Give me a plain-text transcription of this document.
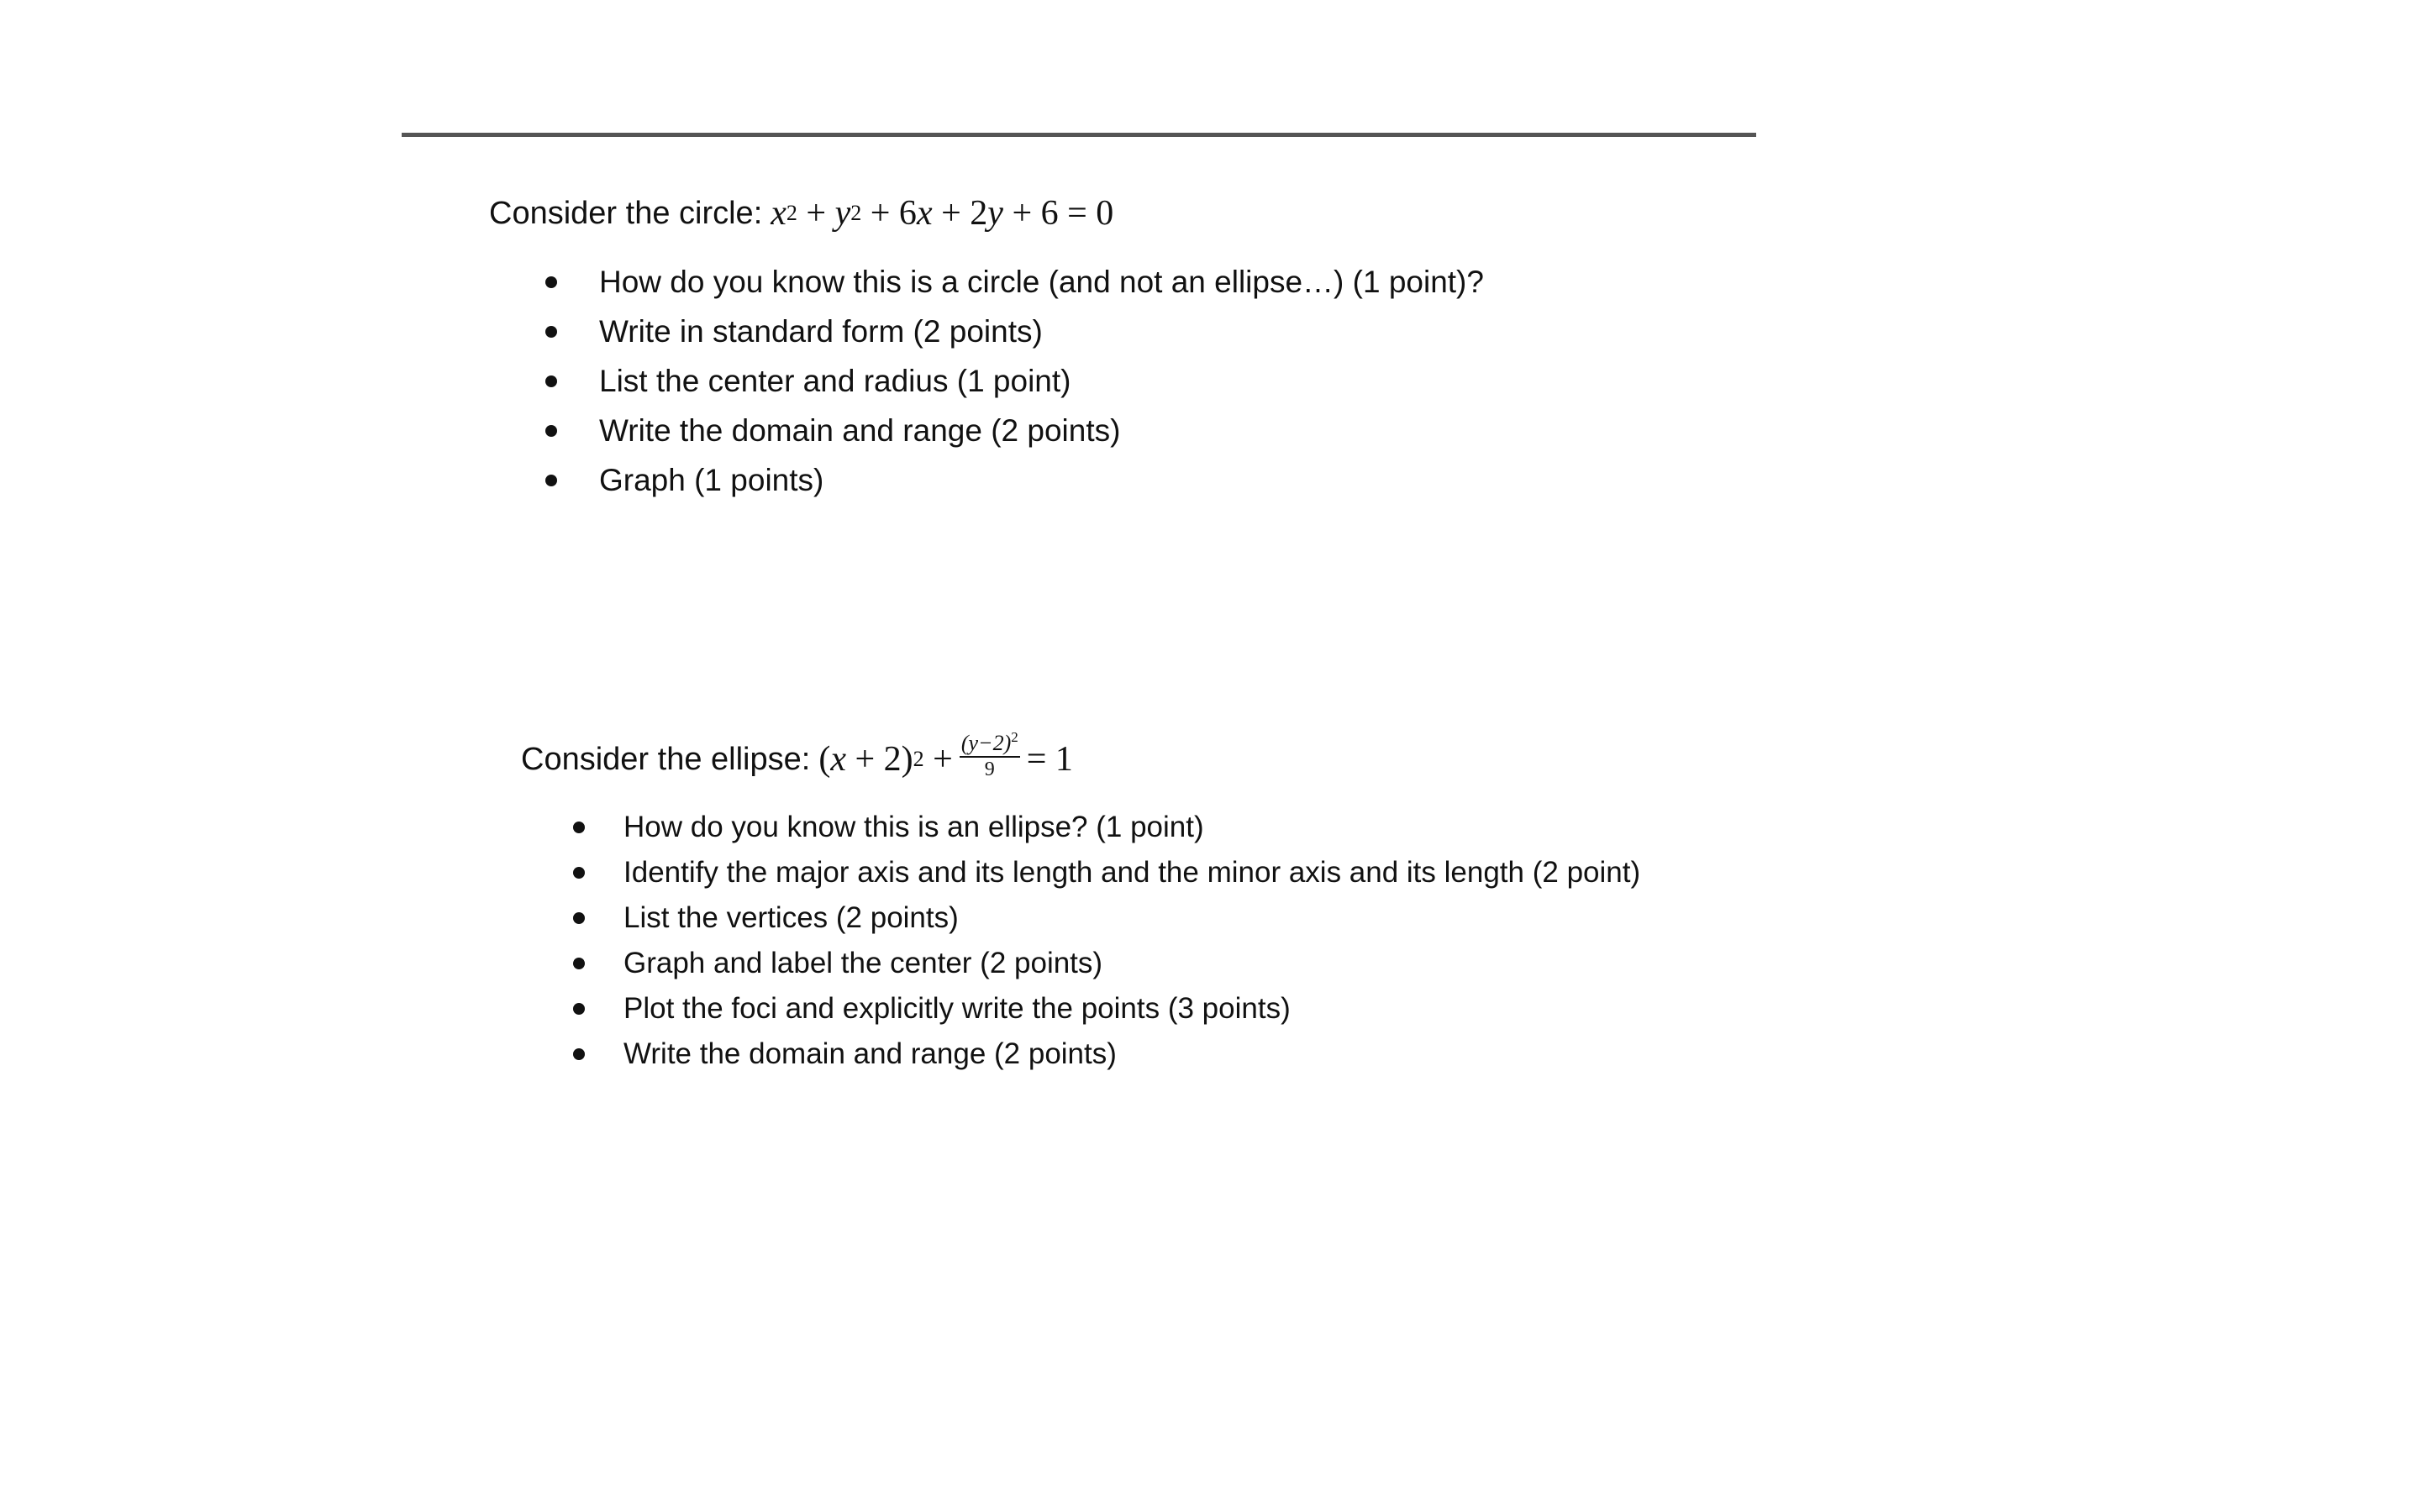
Consider the circle: x 2
+
y 2
+ 6 x
+ 2 y
+ 6 = 0
How do you know this is a circle (and not an ellipse…) (1 point)?
Write in standard form (2 points)
List the center and radius (1 point)
Write the domain and range (2 points)
Graph (1 points)
Consider the ellipse: ( x
+ 2) 2
+ $\frac{(y-2)^2}{9} = 1$
How do you know this is an ellipse? (1 point)
Identify the major axis and its length and the minor axis and its length (2 point)
List the vertices (2 points)
Graph and label the center (2 points)
Plot the foci and explicitly write the points (3 points)
Write the domain and range (2 points)
